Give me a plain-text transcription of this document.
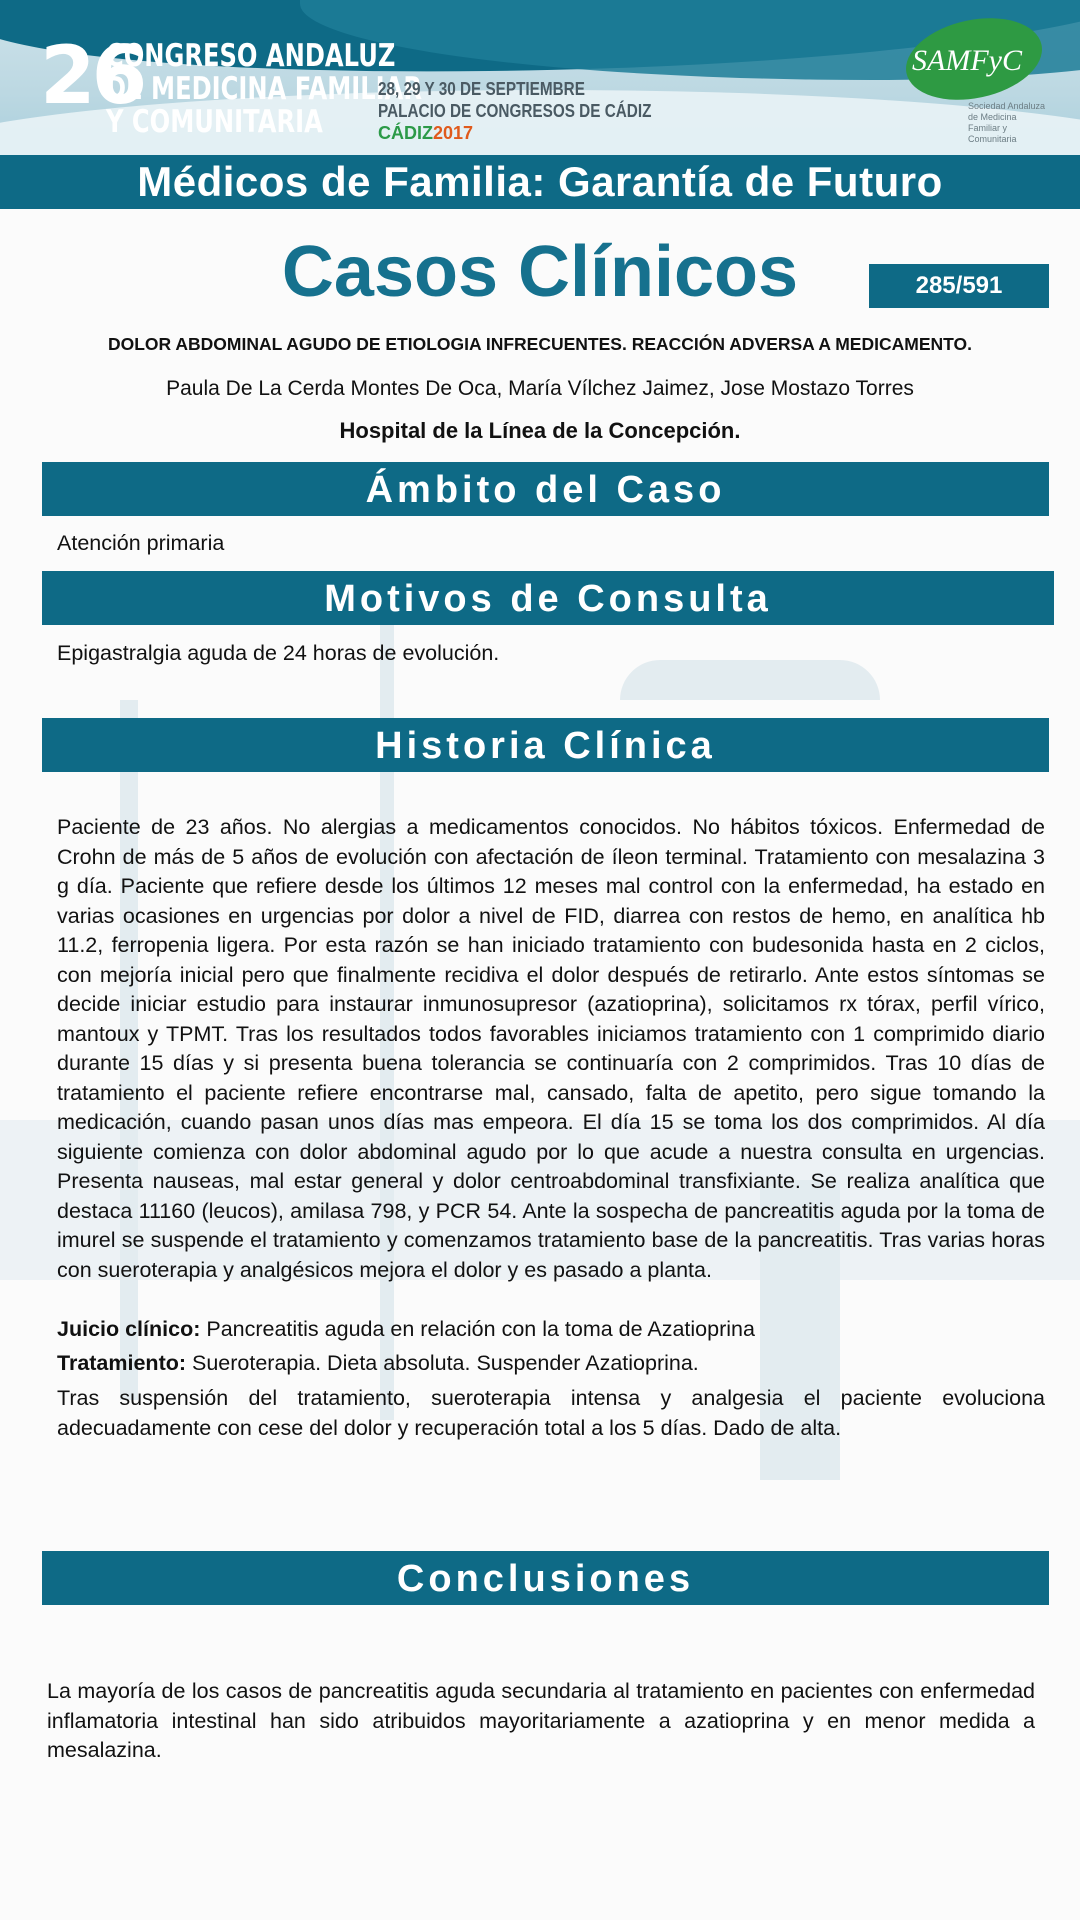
26
CONGRESO ANDALUZ
DE MEDICINA FAMILIAR
Y COMUNITARIA
28, 29 Y 30 DE SEPTIEMBRE
PALACIO DE CONGRESOS DE CÁDIZ
CÁDIZ2017
SAMFyC
Sociedad Andaluza de Medicina Familiar y Comunitaria
Médicos de Familia: Garantía de Futuro
Casos Clínicos	285/591
DOLOR ABDOMINAL AGUDO DE ETIOLOGIA INFRECUENTES. REACCIÓN ADVERSA A MEDICAMENTO.
Paula De La Cerda Montes De Oca, María Vílchez Jaimez, Jose Mostazo Torres
Hospital de la Línea de la Concepción.
Ámbito del Caso
Atención primaria
Motivos de Consulta
Epigastralgia aguda de 24 horas de evolución.
Historia Clínica
Paciente de 23 años. No alergias a medicamentos conocidos. No hábitos tóxicos. Enfermedad de Crohn de más de 5 años de evolución con afectación de íleon terminal. Tratamiento con mesalazina 3 g día. Paciente que refiere desde los últimos 12 meses mal control con la enfermedad, ha estado en varias ocasiones en urgencias por dolor a nivel de FID, diarrea con restos de hemo, en analítica hb 11.2, ferropenia ligera. Por esta razón se han iniciado tratamiento con budesonida hasta en 2 ciclos, con mejoría inicial pero que finalmente recidiva el dolor después de retirarlo. Ante estos síntomas se decide iniciar estudio para instaurar inmunosupresor (azatioprina), solicitamos rx tórax, perfil vírico, mantoux y TPMT. Tras los resultados todos favorables iniciamos tratamiento con 1 comprimido diario durante 15 días y si presenta buena tolerancia se continuaría con 2 comprimidos. Tras 10 días de tratamiento el paciente refiere encontrarse mal, cansado, falta de apetito, pero sigue tomando la medicación, cuando pasan unos días mas empeora. El día 15 se toma los dos comprimidos. Al día siguiente comienza con dolor abdominal agudo por lo que acude a nuestra consulta en urgencias. Presenta nauseas, mal estar general y dolor centroabdominal transfixiante. Se realiza analítica que destaca 11160 (leucos), amilasa 798, y PCR 54. Ante la sospecha de pancreatitis aguda por la toma de imurel se suspende el tratamiento y comenzamos tratamiento base de la pancreatitis. Tras varias horas con sueroterapia y analgésicos mejora el dolor y es pasado a planta.
Juicio clínico: Pancreatitis aguda en relación con la toma de Azatioprina
Tratamiento: Sueroterapia. Dieta absoluta. Suspender Azatioprina.
Tras suspensión del tratamiento, sueroterapia intensa y analgesia el paciente evoluciona adecuadamente con cese del dolor y recuperación total a los 5 días. Dado de alta.
Conclusiones
La mayoría de los casos de pancreatitis aguda secundaria al tratamiento en pacientes con enfermedad inflamatoria intestinal han sido atribuidos mayoritariamente a azatioprina y en menor medida a mesalazina.
